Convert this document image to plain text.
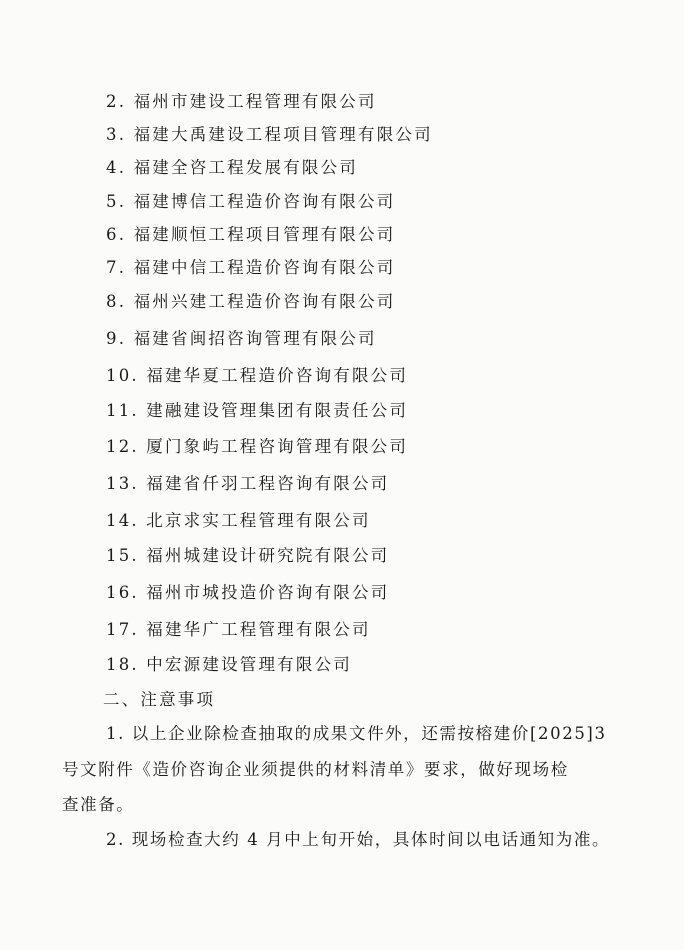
2. 福州市建设工程管理有限公司
3. 福建大禹建设工程项目管理有限公司
4. 福建全咨工程发展有限公司
5. 福建博信工程造价咨询有限公司
6. 福建顺恒工程项目管理有限公司
7. 福建中信工程造价咨询有限公司
8. 福州兴建工程造价咨询有限公司
9. 福建省闽招咨询管理有限公司
10. 福建华夏工程造价咨询有限公司
11. 建融建设管理集团有限责任公司
12. 厦门象屿工程咨询管理有限公司
13. 福建省仟羽工程咨询有限公司
14. 北京求实工程管理有限公司
15. 福州城建设计研究院有限公司
16. 福州市城投造价咨询有限公司
17. 福建华广工程管理有限公司
18. 中宏源建设管理有限公司
二、注意事项
1. 以上企业除检查抽取的成果文件外，还需按榕建价[2025]3
号文附件《造价咨询企业须提供的材料清单》要求，做好现场检
查准备。
2. 现场检查大约 4 月中上旬开始，具体时间以电话通知为准。
